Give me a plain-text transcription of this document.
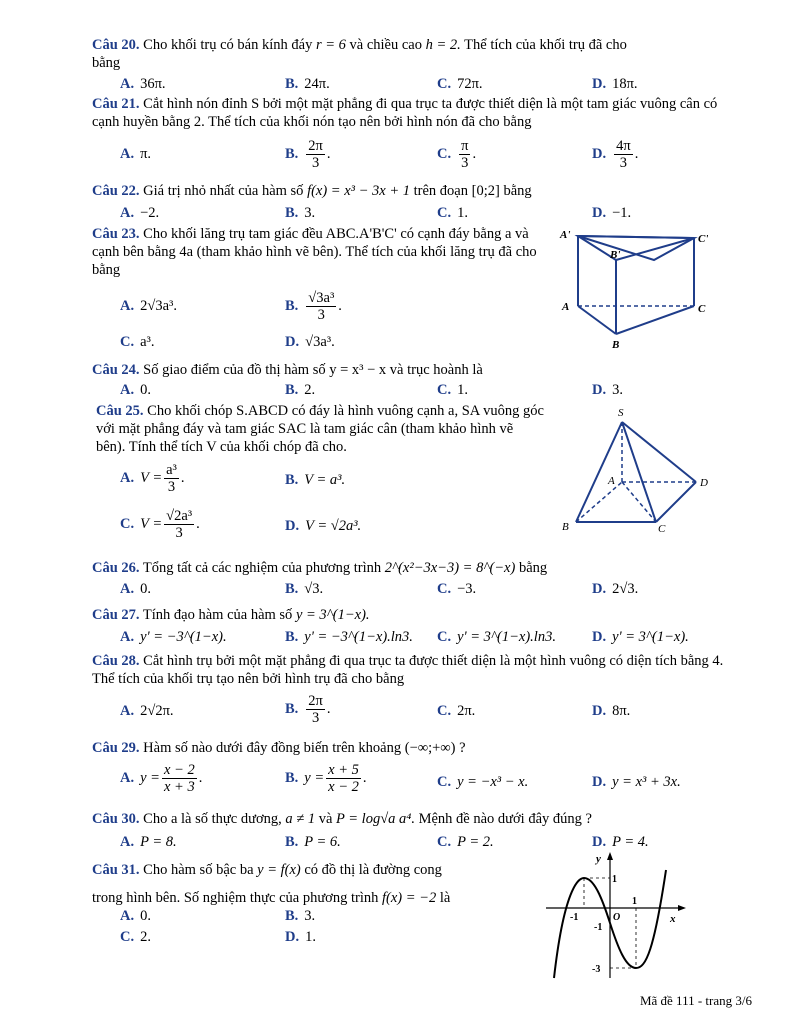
Câu 20. Cho khối trụ có bán kính đáy r = 6 và chiều cao h = 2. Thể tích của khối trụ đã cho
bằng
A. 36π.	B. 24π.	C. 72π.	D. 18π.
Câu 21. Cắt hình nón đỉnh S bởi một mặt phẳng đi qua trục ta được thiết diện là một tam giác vuông cân có cạnh huyền bằng 2. Thể tích của khối nón tạo nên bởi hình nón đã cho bằng
A. π.	B. $\frac{2\pi}{3}$ .	C. $\frac{\pi}{3}$ .	D. $\frac{4\pi}{3}$ .
Câu 22. Giá trị nhỏ nhất của hàm số f(x) = x³ − 3x + 1 trên đoạn [0;2] bằng
A. −2.	B. 3.	C. 1.	D. −1.
Câu 23. Cho khối lăng trụ tam giác đều ABC.A'B'C' có cạnh đáy bằng a và cạnh bên bằng 4a (tham khảo hình vẽ bên). Thể tích của khối lăng trụ đã cho bằng
A. 2√3a³.	B. $\frac{\text{√3a³}}{3}$ .
C. a³.	D. √3a³.
A'	C'
B'
A	C
B
Câu 24. Số giao điểm của đồ thị hàm số y = x³ − x và trục hoành là
A. 0.	B. 2.	C. 1.	D. 3.
Câu 25. Cho khối chóp S.ABCD có đáy là hình vuông cạnh a, SA vuông góc với mặt phẳng đáy và tam giác SAC là tam giác cân (tham khảo hình vẽ bên). Tính thể tích V của khối chóp đã cho.
A. $V = \frac{\text{a³}}{3}$ .	B. V = a³.
C. $V = \frac{\text{√2a³}}{3}$ .	D. V = √2a³.
S
A	D
B	C
Câu 26. Tổng tất cả các nghiệm của phương trình 2^(x²−3x−3) = 8^(−x) bằng
A. 0.	B. √3.	C. −3.	D. 2√3.
Câu 27. Tính đạo hàm của hàm số y = 3^(1−x).
A. y' = −3^(1−x).	B. y' = −3^(1−x).ln3. C. y' = 3^(1−x).ln3. D. y' = 3^(1−x).
Câu 28. Cắt hình trụ bởi một mặt phẳng đi qua trục ta được thiết diện là một hình vuông có diện tích bằng 4. Thể tích của khối trụ tạo nên bởi hình trụ đã cho bằng
A. 2√2π.	B. $\frac{2\pi}{3}$ .	C. 2π.	D. 8π.
Câu 29. Hàm số nào dưới đây đồng biến trên khoảng (−∞;+∞) ?
A. $y = \frac{x - 2}{x + 3}$ .	B. $y = \frac{x + 5}{x - 2}$ .	C. y = −x³ − x.	D. y = x³ + 3x.
Câu 30. Cho a là số thực dương, a ≠ 1 và P = log√a a⁴. Mệnh đề nào dưới đây đúng ?
A. P = 8.	B. P = 6.	C. P = 2.	D. P = 4.
Câu 31. Cho hàm số bậc ba y = f(x) có đồ thị là đường cong
trong hình bên. Số nghiệm thực của phương trình f(x) = −2 là
A. 0.	B. 3.
C. 2.	D. 1.
y
x
O
1
-1
1
-1
-3
Mã đề 111 - trang 3/6
